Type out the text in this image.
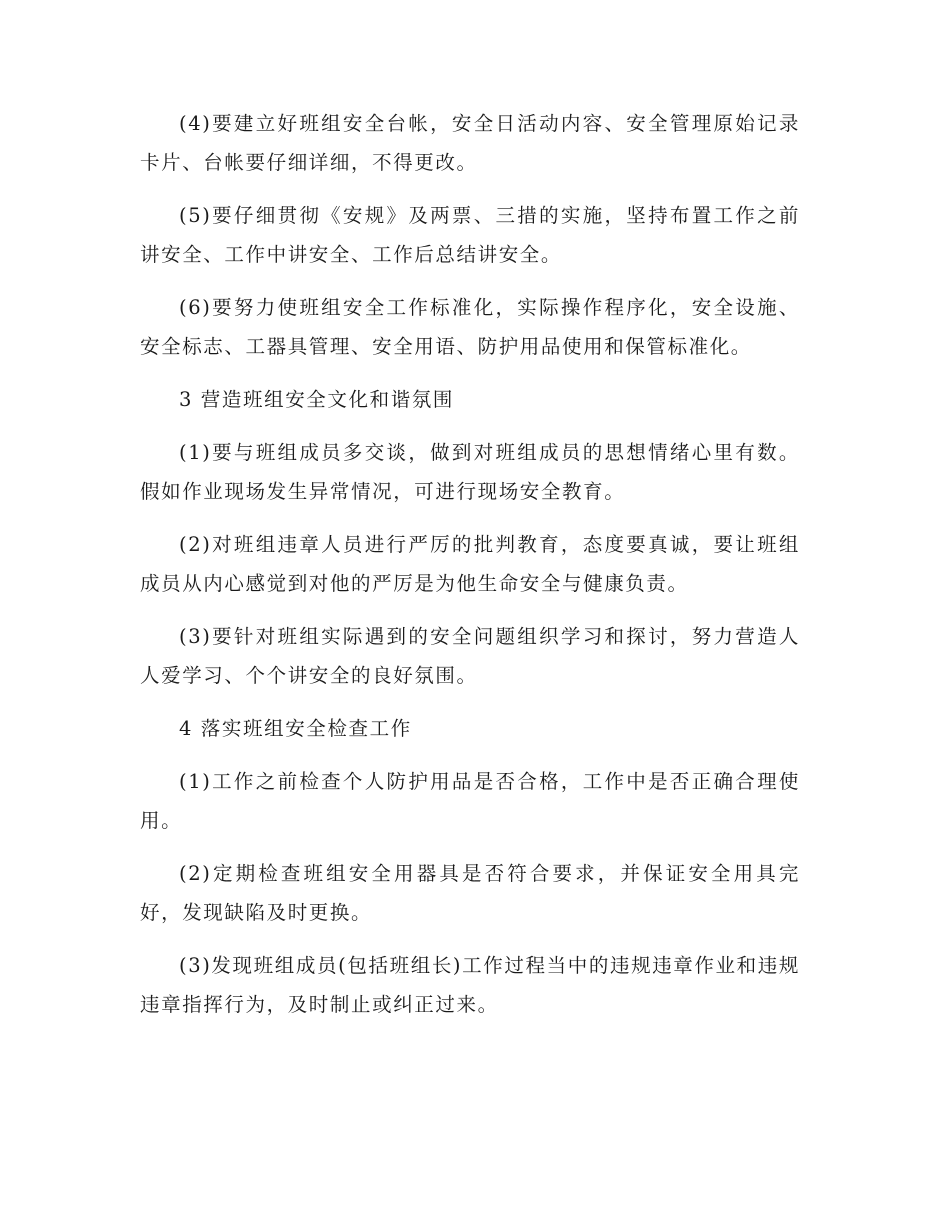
(4)要建立好班组安全台帐，安全日活动内容、安全管理原始记录卡片、台帐要仔细详细，不得更改。

(5)要仔细贯彻《安规》及两票、三措的实施，坚持布置工作之前讲安全、工作中讲安全、工作后总结讲安全。

(6)要努力使班组安全工作标准化，实际操作程序化，安全设施、安全标志、工器具管理、安全用语、防护用品使用和保管标准化。

3 营造班组安全文化和谐氛围

(1)要与班组成员多交谈，做到对班组成员的思想情绪心里有数。假如作业现场发生异常情况，可进行现场安全教育。

(2)对班组违章人员进行严厉的批判教育，态度要真诚，要让班组成员从内心感觉到对他的严厉是为他生命安全与健康负责。

(3)要针对班组实际遇到的安全问题组织学习和探讨，努力营造人人爱学习、个个讲安全的良好氛围。

4 落实班组安全检查工作

(1)工作之前检查个人防护用品是否合格，工作中是否正确合理使用。

(2)定期检查班组安全用器具是否符合要求，并保证安全用具完好，发现缺陷及时更换。

(3)发现班组成员(包括班组长)工作过程当中的违规违章作业和违规违章指挥行为，及时制止或纠正过来。
